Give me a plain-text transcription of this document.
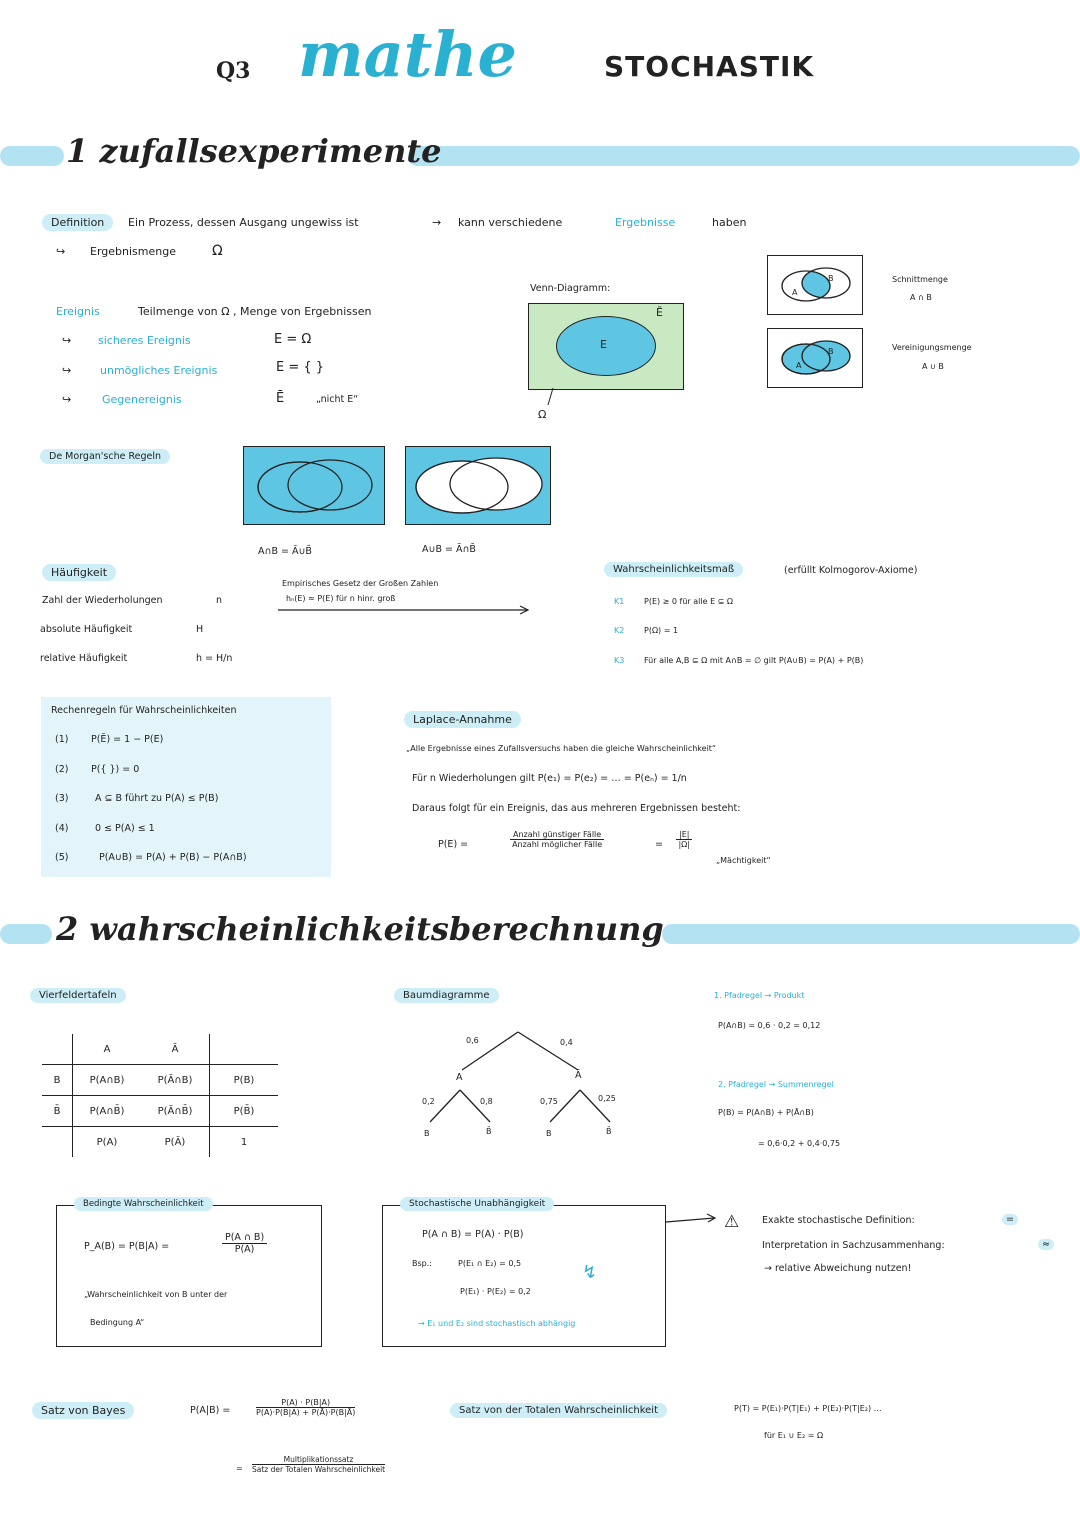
Q3 mathe	STOCHASTIK
1 zufallsexperimente
Definition	Ein Prozess, dessen Ausgang ungewiss ist	→ kann verschiedene	Ergebnisse	haben
↪ Ergebnismenge	Ω
Ereignis	Teilmenge von Ω , Menge von Ergebnissen
↪ sicheres Ereignis	E = Ω
↪	unmögliches Ereignis	E = { }
↪	Gegenereignis	Ē	„nicht E“
Venn-Diagramm:
E
Ē
Ω
A
B	Schnittmenge
A ∩ B
A
B	Vereinigungsmenge
A ∪ B
De Morgan'sche Regeln
A∩B = Ā∪B̄	A∪B = Ā∩B̄
Häufigkeit
Zahl der Wiederholungen	n
absolute Häufigkeit	H
relative Häufigkeit	h = H/n
Empirisches Gesetz der Großen Zahlen
hₙ(E) ≈ P(E) für n hinr. groß
Wahrscheinlichkeitsmaß	(erfüllt Kolmogorov-Axiome)
K1 P(E) ≥ 0 für alle E ⊆ Ω
K2 P(Ω) = 1
K3 Für alle A,B ⊆ Ω mit A∩B = ∅ gilt P(A∪B) = P(A) + P(B)
Rechenregeln für Wahrscheinlichkeiten
(1) P(Ē) = 1 − P(E)
(2) P({ }) = 0
(3)	A ⊆ B führt zu P(A) ≤ P(B)
(4)	0 ≤ P(A) ≤ 1
(5)	P(A∪B) = P(A) + P(B) − P(A∩B)
Laplace-Annahme
„Alle Ergebnisse eines Zufallsversuchs haben die gleiche Wahrscheinlichkeit“
Für n Wiederholungen gilt P(e₁) = P(e₂) = … = P(eₙ) = 1/n
Daraus folgt für ein Ereignis, das aus mehreren Ergebnissen besteht:
P(E) =	$\frac{\text{Anzahl günstiger Fälle}}{\text{Anzahl möglicher Fälle}}$	= $\frac{|E|}{|\Omega|}$
„Mächtigkeit“
2 wahrscheinlichkeitsberechnung
Vierfeldertafeln
	A	Ā	
B	P(A∩B)	P(Ā∩B)	P(B)
B̄	P(A∩B̄)	P(Ā∩B̄)	P(B̄)
	P(A)	P(Ā)	1
Baumdiagramme
0,6	0,4
A	Ā
0,2	0,8	0,75	0,25
B	B̄	B	B̄
1. Pfadregel → Produkt
P(A∩B) = 0,6 · 0,2 = 0,12
2. Pfadregel → Summenregel
P(B) = P(A∩B) + P(Ā∩B)
= 0,6·0,2 + 0,4·0,75
Bedingte Wahrscheinlichkeit
P_A(B) = P(B|A) =	$\frac{P(A \cap B)}{P(A)}$
„Wahrscheinlichkeit von B unter der
Bedingung A“
Stochastische Unabhängigkeit
P(A ∩ B) = P(A) · P(B)
Bsp.:	P(E₁ ∩ E₂) = 0,5
P(E₁) · P(E₂) = 0,2
↯
→ E₁ und E₂ sind stochastisch abhängig
⚠ Exakte stochastische Definition:	=
Interpretation in Sachzusammenhang:	≈
→ relative Abweichung nutzen!
Satz von Bayes	P(A|B) =	$\frac{P(A) \cdot P(B|A)}{P(A)\cdot P(B|A) + P(Ā)\cdot P(B|Ā)}$
= $\frac{\text{Multiplikationssatz}}{\text{Satz der Totalen Wahrscheinlichkeit}}$
Satz von der Totalen Wahrscheinlichkeit	P(T) = P(E₁)·P(T|E₁) + P(E₂)·P(T|E₂) …
für E₁ ∪ E₂ = Ω
